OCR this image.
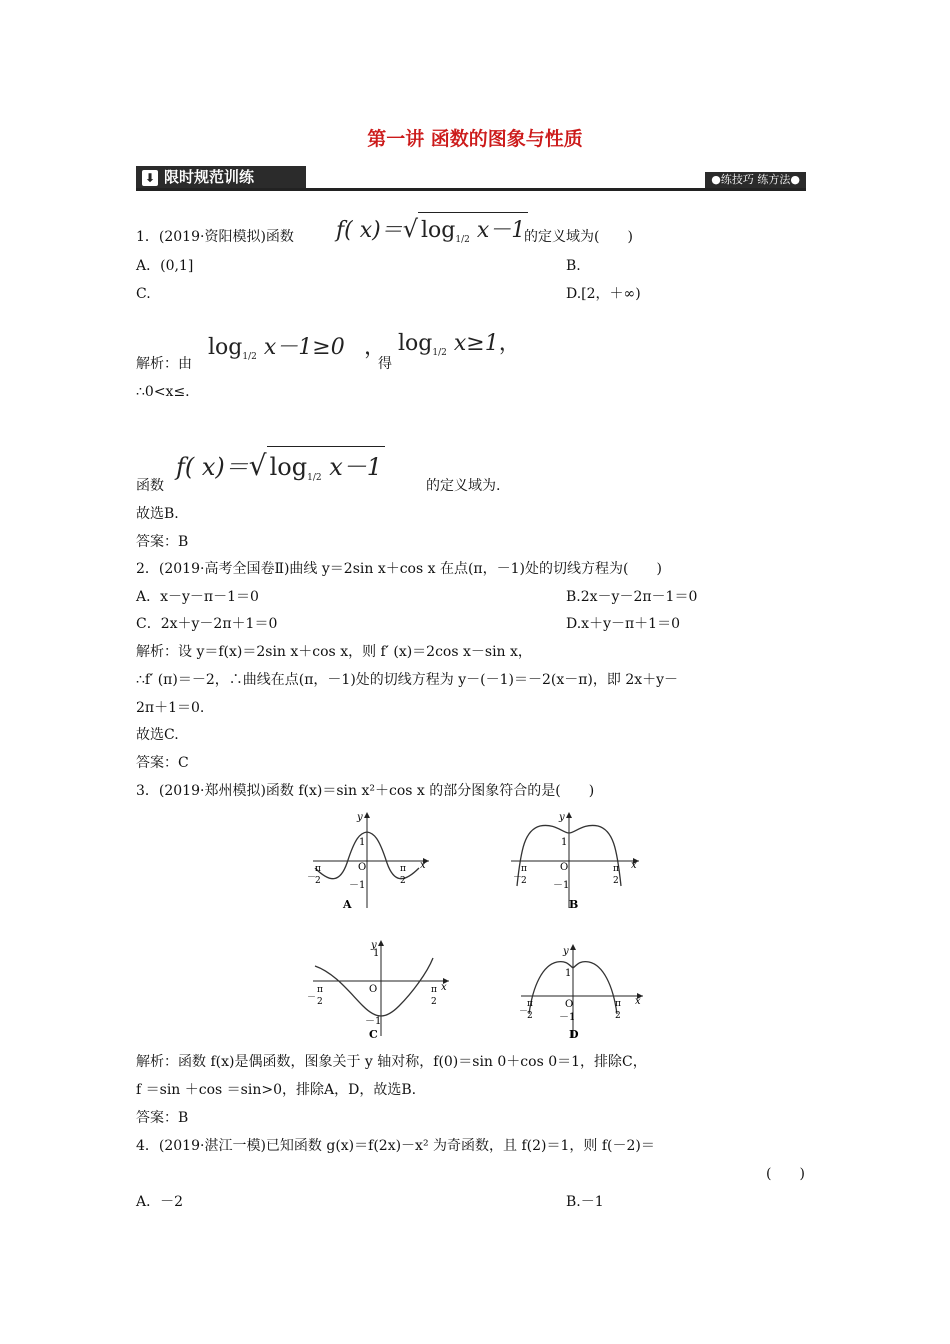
第一讲 函数的图象与性质
⬇ 限时规范训练	●练技巧 练方法●
1．(2019·资阳模拟)函数 f( x)＝√ $\log_{1/2} x-1$
的定义域为(　　)
A．(0,1]	B.
C.	D.[2，＋∞)
解析：由
$\log_{1/2} x-1\ge 0$ ，
得
$\log_{1/2} x\ge 1$，
∴0<x≤.
函数
f( x)＝√ $\log_{1/2} x-1$
的定义域为.
故选B.
答案：B
2．(2019·高考全国卷Ⅱ)曲线 y＝2sin x＋cos x 在点(π，－1)处的切线方程为(　　)
A．x－y－π－1＝0	B.2x－y－2π－1＝0
C．2x＋y－2π＋1＝0	D.x＋y－π＋1＝0
解析：设 y＝f(x)＝2sin x＋cos x，则 f′ (x)＝2cos x－sin x，
∴f′ (π)＝－2，∴曲线在点(π，－1)处的切线方程为 y－(－1)＝－2(x－π)，即 2x＋y－
2π＋1＝0.
故选C.
答案：C
3．(2019·郑州模拟)函数 f(x)＝sin x²＋cos x 的部分图象符合的是(　　)
x
y
O
1
－1
－
π
2
π
2
A
x
y
O
1
－1
－
π
2
π
2
B
x
y
O
1
－1
－
π
2
π
2
C
x
y
O
1
－1
－
π
2
π
2
D
解析：函数 f(x)是偶函数，图象关于 y 轴对称，f(0)＝sin 0＋cos 0＝1，排除C，
f ＝sin ＋cos ＝sin>0，排除A，D，故选B.
答案：B
4．(2019·湛江一模)已知函数 g(x)＝f(2x)－x² 为奇函数，且 f(2)＝1，则 f(－2)＝
(　　)
A．－2	B.－1
